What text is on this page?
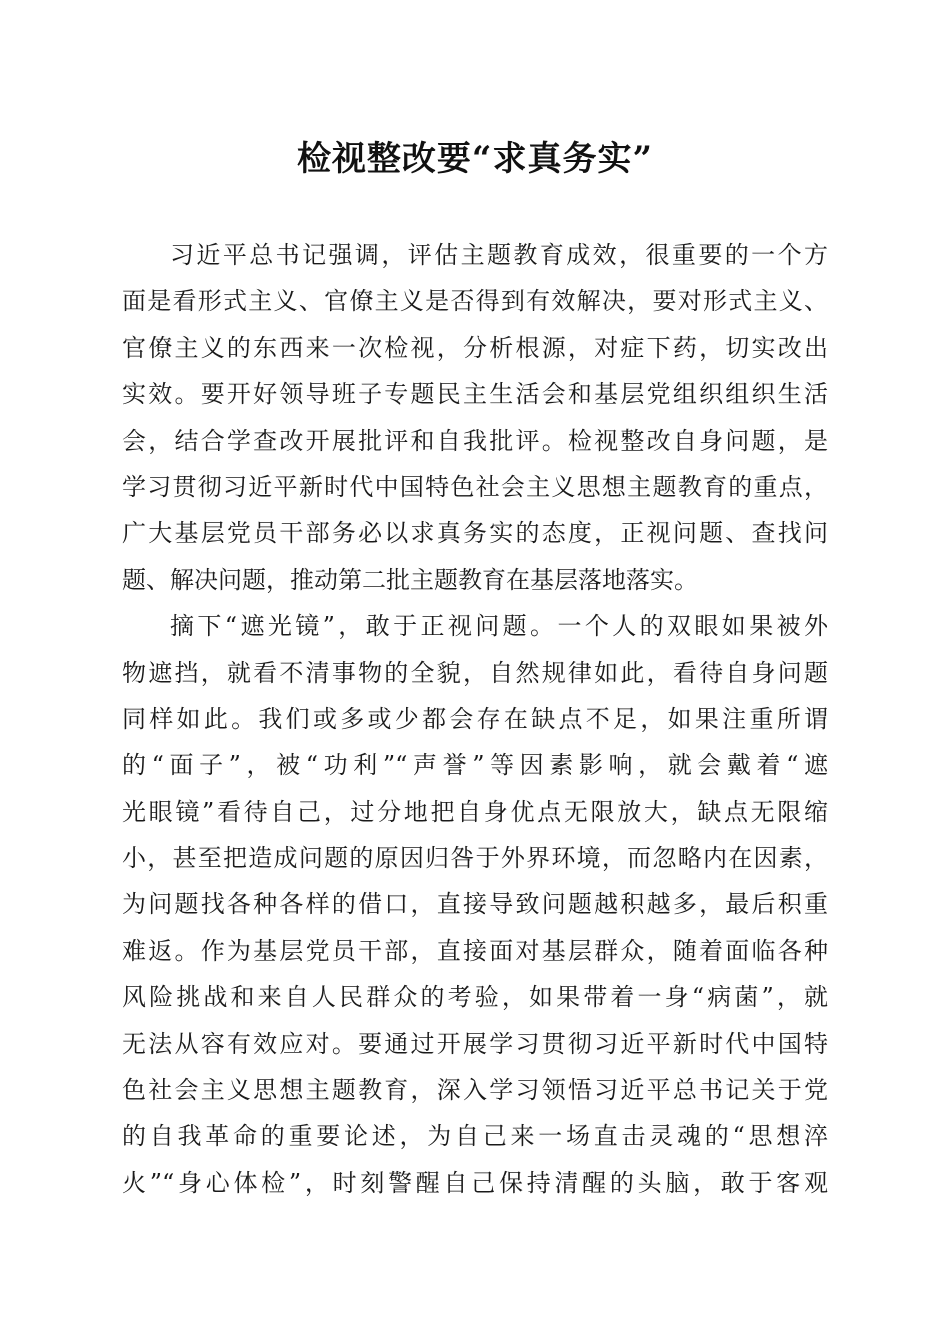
检视整改要“求真务实”
习近平总书记强调，评估主题教育成效，很重要的一个方
面是看形式主义、官僚主义是否得到有效解决，要对形式主义、
官僚主义的东西来一次检视，分析根源，对症下药，切实改出
实效。要开好领导班子专题民主生活会和基层党组织组织生活
会，结合学查改开展批评和自我批评。检视整改自身问题，是
学习贯彻习近平新时代中国特色社会主义思想主题教育的重点，
广大基层党员干部务必以求真务实的态度，正视问题、查找问
题、解决问题，推动第二批主题教育在基层落地落实。
摘下“遮光镜”，敢于正视问题。一个人的双眼如果被外
物遮挡，就看不清事物的全貌，自然规律如此，看待自身问题
同样如此。我们或多或少都会存在缺点不足，如果注重所谓
的“面子”，被“功利”“声誉”等因素影响，就会戴着“遮
光眼镜”看待自己，过分地把自身优点无限放大，缺点无限缩
小，甚至把造成问题的原因归咎于外界环境，而忽略内在因素，
为问题找各种各样的借口，直接导致问题越积越多，最后积重
难返。作为基层党员干部，直接面对基层群众，随着面临各种
风险挑战和来自人民群众的考验，如果带着一身“病菌”，就
无法从容有效应对。要通过开展学习贯彻习近平新时代中国特
色社会主义思想主题教育，深入学习领悟习近平总书记关于党
的自我革命的重要论述，为自己来一场直击灵魂的“思想淬
火”“身心体检”，时刻警醒自己保持清醒的头脑，敢于客观
